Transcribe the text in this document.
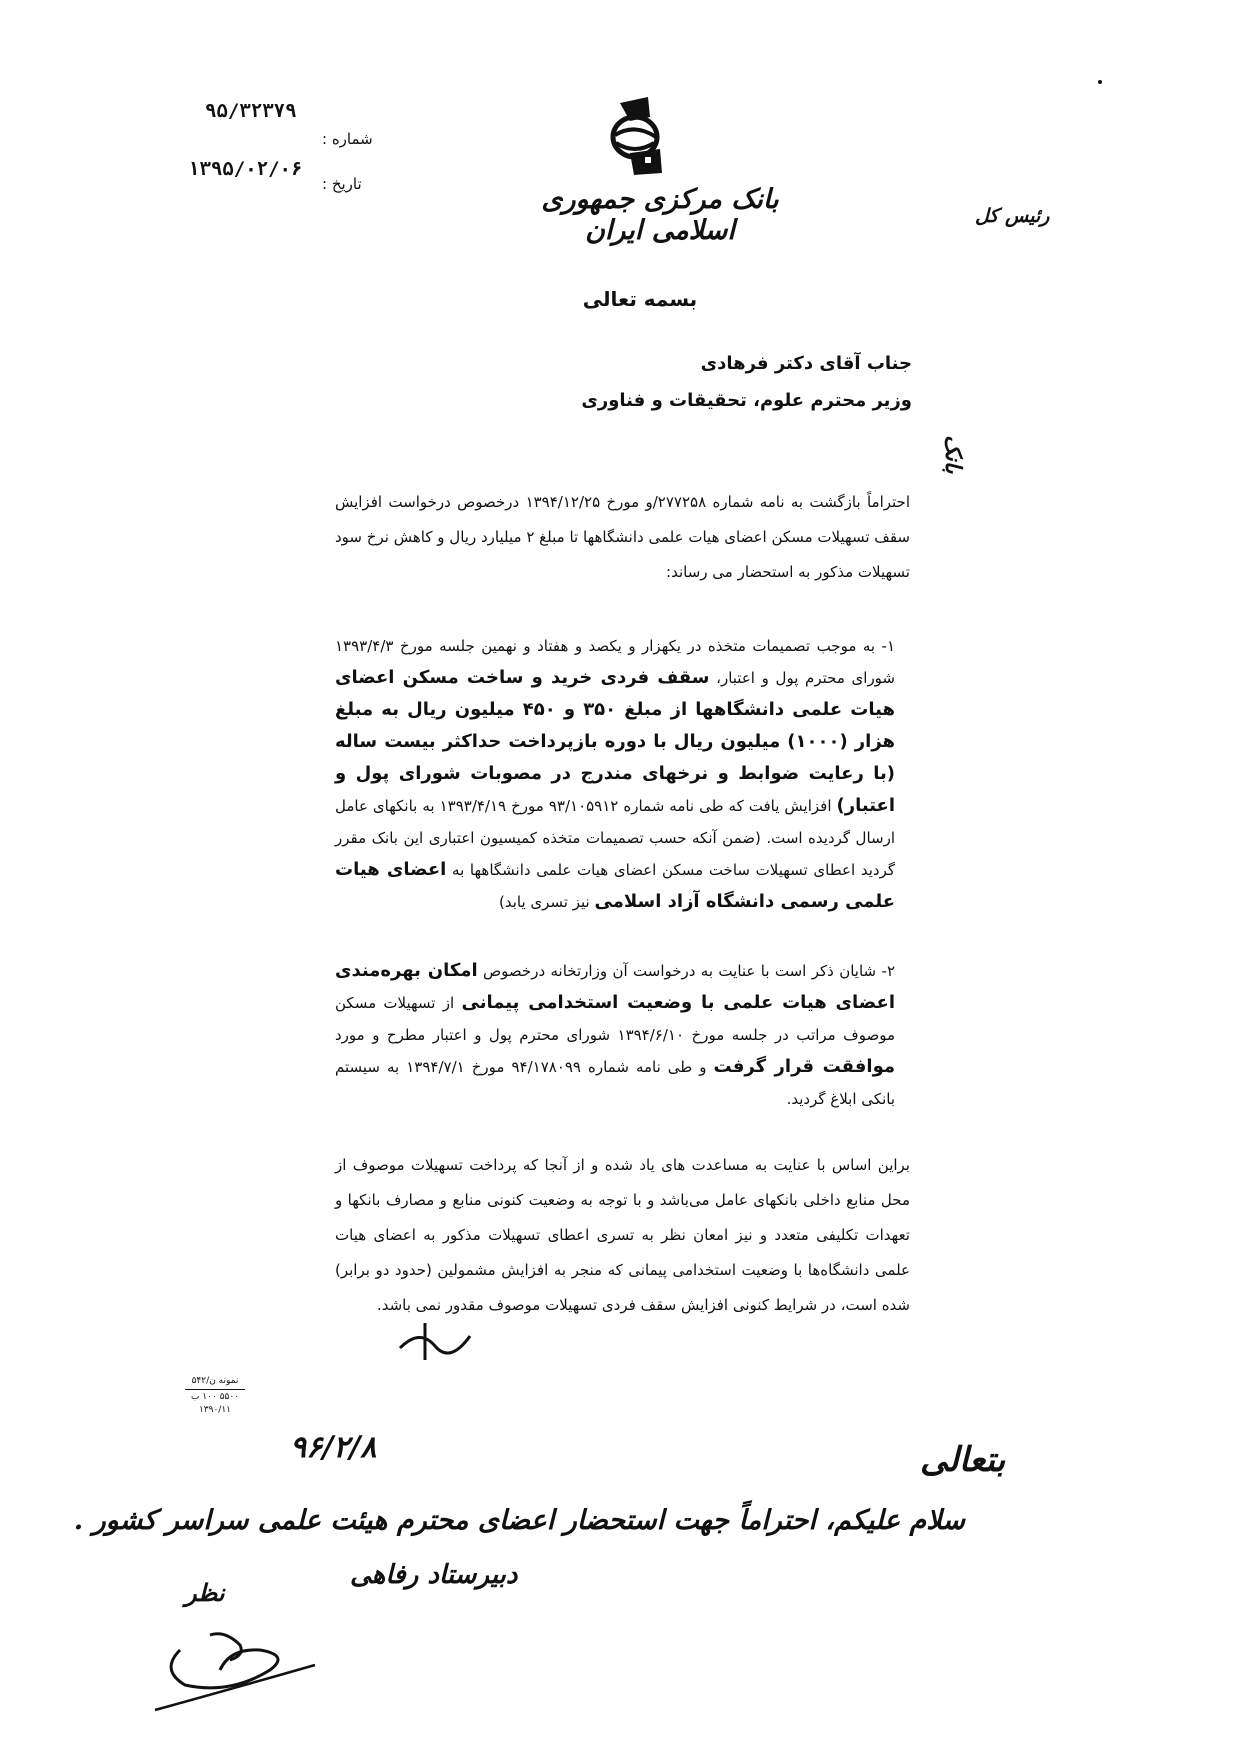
۹۵/۳۲۳۷۹
شماره :
۱۳۹۵/۰۲/۰۶
تاریخ :	بانک مرکزی جمهوری اسلامی ایران	رئیس کل
بسمه تعالی
جناب آقای دکتر فرهادی
وزیر محترم علوم، تحقیقات و فناوری
بانک
احتراماً بازگشت به نامه شماره ۲۷۷۲۵۸/و مورخ ۱۳۹۴/۱۲/۲۵ درخصوص درخواست افزایش سقف تسهیلات مسکن اعضای هیات علمی دانشگاهها تا مبلغ ۲ میلیارد ریال و کاهش نرخ سود تسهیلات مذکور به استحضار می رساند:
۱- به موجب تصمیمات متخذه در یکهزار و یکصد و هفتاد و نهمین جلسه مورخ ۱۳۹۳/۴/۳ شورای محترم پول و اعتبار، سقف فردی خرید و ساخت مسکن اعضای هیات علمی دانشگاهها از مبلغ ۳۵۰ و ۴۵۰ میلیون ریال به مبلغ هزار (۱۰۰۰) میلیون ریال با دوره بازپرداخت حداکثر بیست ساله (با رعایت ضوابط و نرخهای مندرج در مصوبات شورای پول و اعتبار) افزایش یافت که طی نامه شماره ۹۳/۱۰۵۹۱۲ مورخ ۱۳۹۳/۴/۱۹ به بانکهای عامل ارسال گردیده است. (ضمن آنکه حسب تصمیمات متخذه کمیسیون اعتباری این بانک مقرر گردید اعطای تسهیلات ساخت مسکن اعضای هیات علمی دانشگاهها به اعضای هیات علمی رسمی دانشگاه آزاد اسلامی نیز تسری یابد)
۲- شایان ذکر است با عنایت به درخواست آن وزارتخانه درخصوص امکان بهره‌مندی اعضای هیات علمی با وضعیت استخدامی پیمانی از تسهیلات مسکن موصوف مراتب در جلسه مورخ ۱۳۹۴/۶/۱۰ شورای محترم پول و اعتبار مطرح و مورد موافقت قرار گرفت و طی نامه شماره ۹۴/۱۷۸۰۹۹ مورخ ۱۳۹۴/۷/۱ به سیستم بانکی ابلاغ گردید.
براین اساس با عنایت به مساعدت های یاد شده و از آنجا که پرداخت تسهیلات موصوف از محل منابع داخلی بانکهای عامل می‌باشد و با توجه به وضعیت کنونی منابع و مصارف بانکها و تعهدات تکلیفی متعدد و نیز امعان نظر به تسری اعطای تسهیلات مذکور به اعضای هیات علمی دانشگاه‌ها با وضعیت استخدامی پیمانی که منجر به افزایش مشمولین (حدود دو برابر) شده است، در شرایط کنونی افزایش سقف فردی تسهیلات موصوف مقدور نمی باشد.
نمونه ن/۵۴۲
۵۵۰۰ ۱۰۰ ب
۱۳۹۰/۱۱
۹۶/۲/۸	بتعالی
سلام علیکم، احتراماً جهت استحضار اعضای محترم هیئت علمی سراسر کشور .
دبیرستاد رفاهی
نظر
